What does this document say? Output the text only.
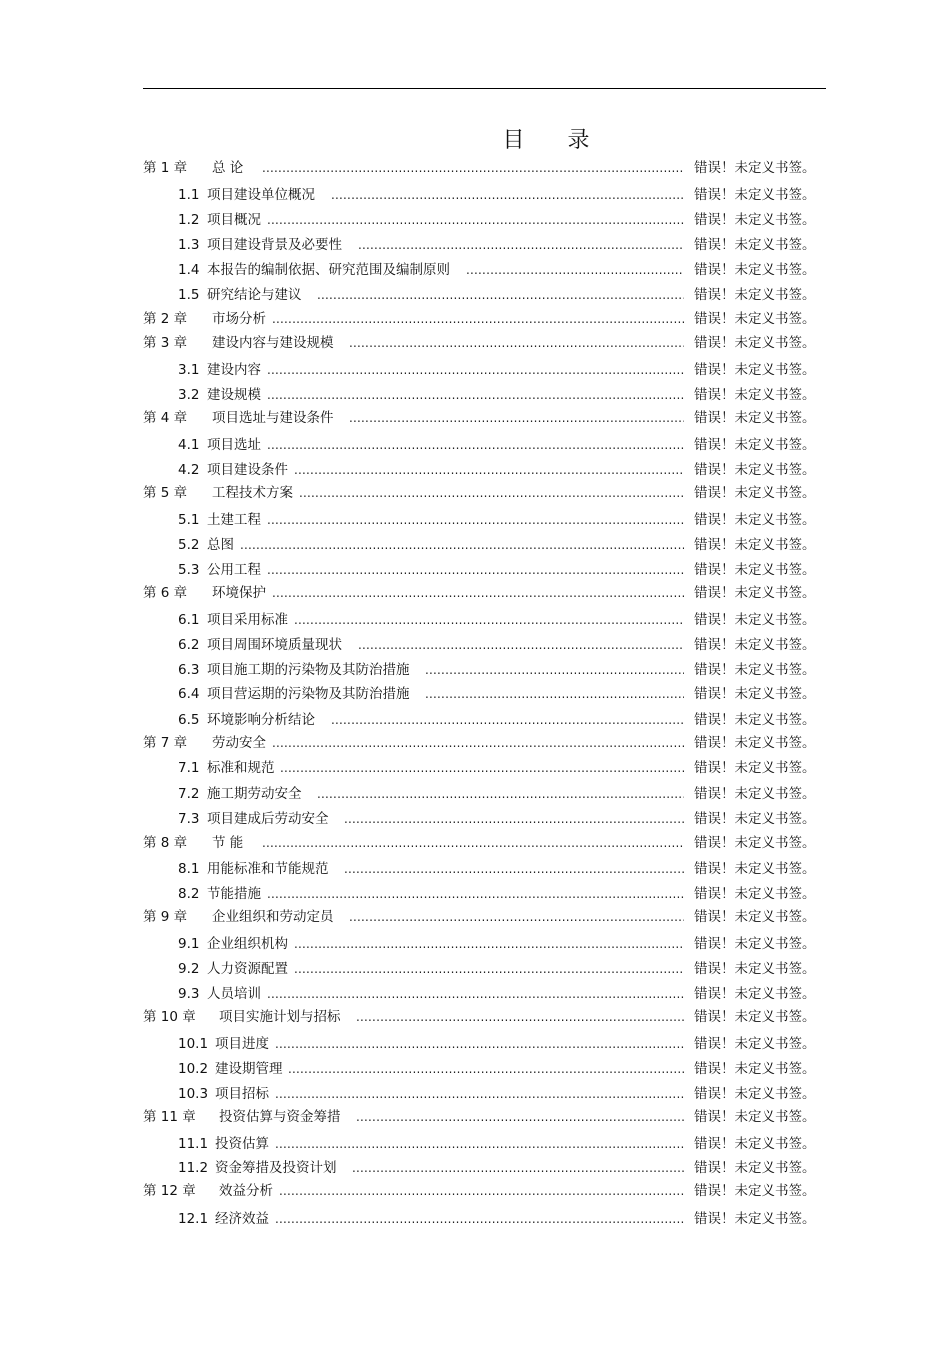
目 录
第 1 章 总 论 .....	错误！未定义书签。
1.1 项目建设单位概况 .....	错误！未定义书签。
1.2 项目概况 .....	错误！未定义书签。
1.3 项目建设背景及必要性 .....	错误！未定义书签。
1.4 本报告的编制依据、研究范围及编制原则 .....	错误！未定义书签。
1.5 研究结论与建议 .....	错误！未定义书签。
第 2 章 市场分析 .....	错误！未定义书签。
第 3 章 建设内容与建设规模 .....	错误！未定义书签。
3.1 建设内容 .....	错误！未定义书签。
3.2 建设规模 .....	错误！未定义书签。
第 4 章 项目选址与建设条件 .....	错误！未定义书签。
4.1 项目选址 .....	错误！未定义书签。
4.2 项目建设条件 .....	错误！未定义书签。
第 5 章 工程技术方案 .....	错误！未定义书签。
5.1 土建工程 .....	错误！未定义书签。
5.2 总图 .....	错误！未定义书签。
5.3 公用工程 .....	错误！未定义书签。
第 6 章 环境保护 .....	错误！未定义书签。
6.1 项目采用标准 .....	错误！未定义书签。
6.2 项目周围环境质量现状 .....	错误！未定义书签。
6.3 项目施工期的污染物及其防治措施 .....	错误！未定义书签。
6.4 项目营运期的污染物及其防治措施 .....	错误！未定义书签。
6.5 环境影响分析结论 .....	错误！未定义书签。
第 7 章 劳动安全 .....	错误！未定义书签。
7.1 标准和规范 .....	错误！未定义书签。
7.2 施工期劳动安全 .....	错误！未定义书签。
7.3 项目建成后劳动安全 .....	错误！未定义书签。
第 8 章 节 能 .....	错误！未定义书签。
8.1 用能标准和节能规范 .....	错误！未定义书签。
8.2 节能措施 .....	错误！未定义书签。
第 9 章 企业组织和劳动定员 .....	错误！未定义书签。
9.1 企业组织机构 .....	错误！未定义书签。
9.2 人力资源配置 .....	错误！未定义书签。
9.3 人员培训 .....	错误！未定义书签。
第 10 章 项目实施计划与招标 .....	错误！未定义书签。
10.1 项目进度 .....	错误！未定义书签。
10.2 建设期管理 .....	错误！未定义书签。
10.3 项目招标 .....	错误！未定义书签。
第 11 章 投资估算与资金筹措 .....	错误！未定义书签。
11.1 投资估算 .....	错误！未定义书签。
11.2 资金筹措及投资计划 .....	错误！未定义书签。
第 12 章 效益分析 .....	错误！未定义书签。
12.1 经济效益 .....	错误！未定义书签。
